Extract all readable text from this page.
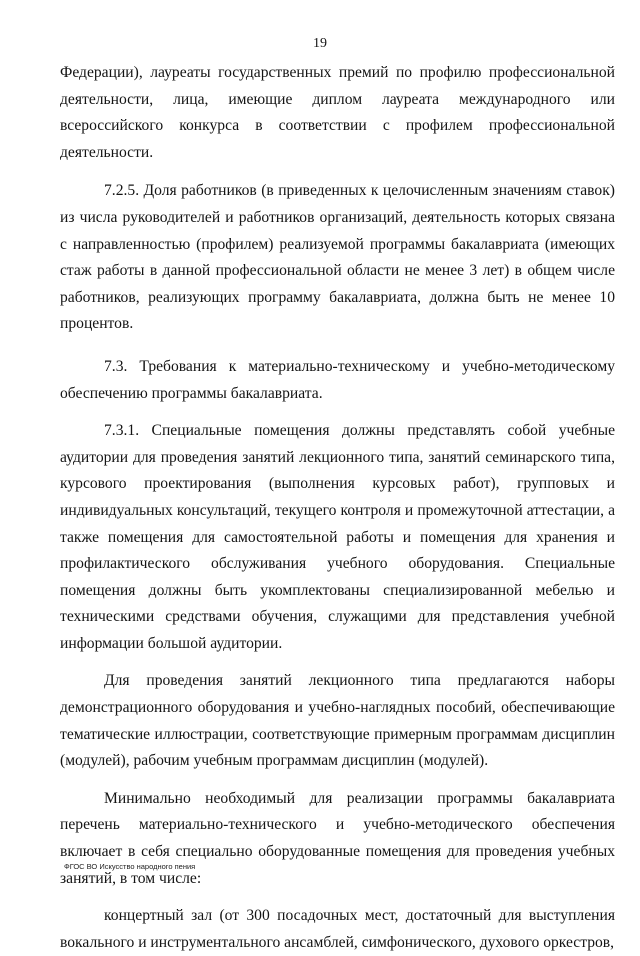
19

Федерации), лауреаты государственных премий по профилю профессиональной деятельности, лица, имеющие диплом лауреата международного или всероссийского конкурса в соответствии с профилем профессиональной деятельности.

7.2.5. Доля работников (в приведенных к целочисленным значениям ставок) из числа руководителей и работников организаций, деятельность которых связана с направленностью (профилем) реализуемой программы бакалавриата (имеющих стаж работы в данной профессиональной области не менее 3 лет) в общем числе работников, реализующих программу бакалавриата, должна быть не менее 10 процентов.

7.3. Требования к материально-техническому и учебно-методическому обеспечению программы бакалавриата.

7.3.1. Специальные помещения должны представлять собой учебные аудитории для проведения занятий лекционного типа, занятий семинарского типа, курсового проектирования (выполнения курсовых работ), групповых и индивидуальных консультаций, текущего контроля и промежуточной аттестации, а также помещения для самостоятельной работы и помещения для хранения и профилактического обслуживания учебного оборудования. Специальные помещения должны быть укомплектованы специализированной мебелью и техническими средствами обучения, служащими для представления учебной информации большой аудитории.

Для проведения занятий лекционного типа предлагаются наборы демонстрационного оборудования и учебно-наглядных пособий, обеспечивающие тематические иллюстрации, соответствующие примерным программам дисциплин (модулей), рабочим учебным программам дисциплин (модулей).

Минимально необходимый для реализации программы бакалавриата перечень материально-технического и учебно-методического обеспечения включает в себя специально оборудованные помещения для проведения учебных занятий, в том числе:

концертный зал (от 300 посадочных мест, достаточный для выступления вокального и инструментального ансамблей, симфонического, духового оркестров,

ФГОС ВО Искусство народного пения
